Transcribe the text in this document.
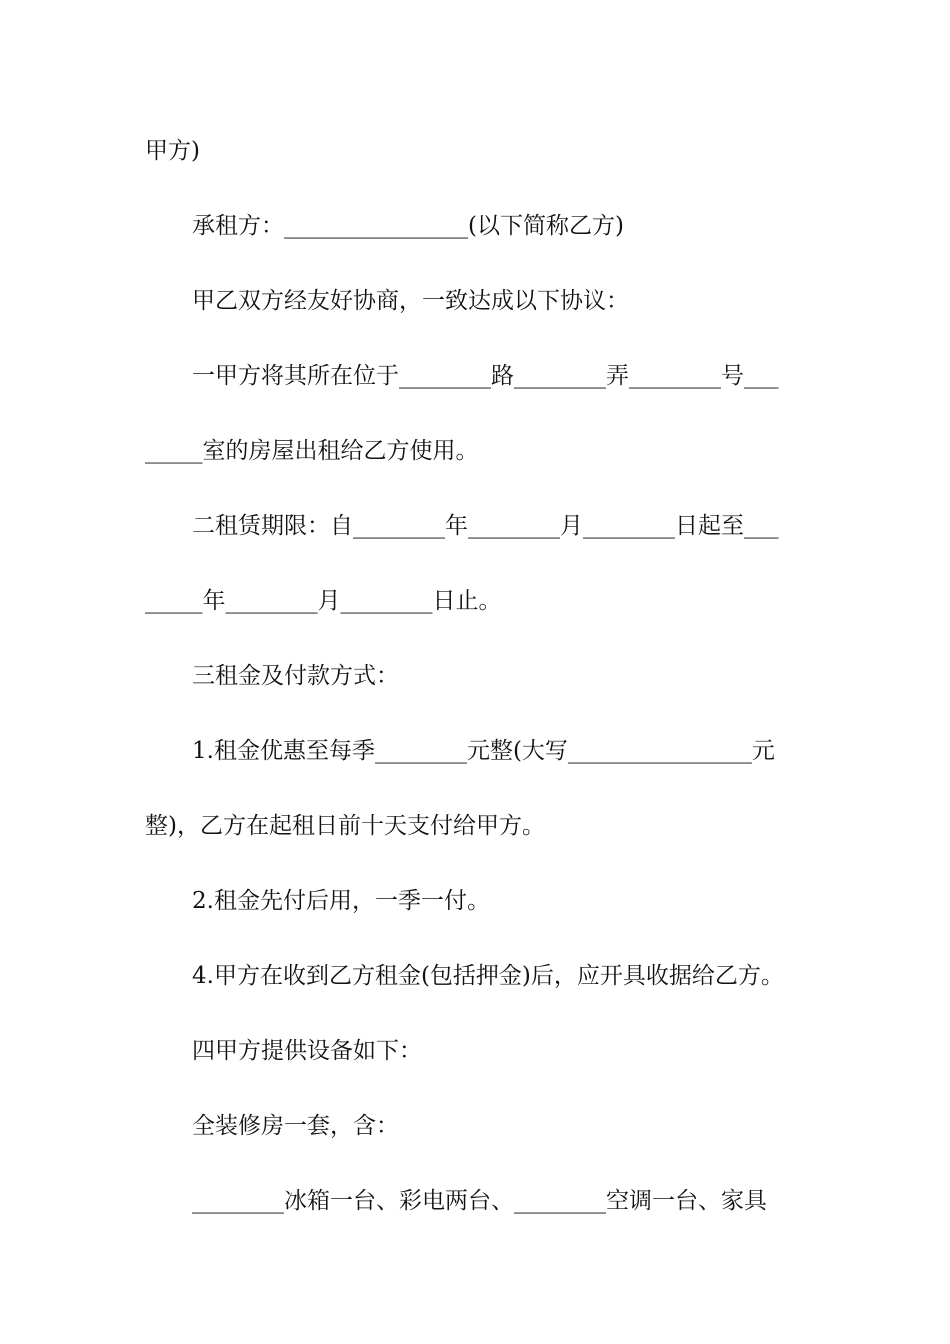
甲方)
承租方：________________(以下简称乙方)
甲乙双方经友好协商，一致达成以下协议：
一甲方将其所在位于________路________弄________号___
_____室的房屋出租给乙方使用。
二租赁期限：自________年________月________日起至___
_____年________月________日止。
三租金及付款方式：
1.租金优惠至每季________元整(大写________________元
整)，乙方在起租日前十天支付给甲方。
2.租金先付后用，一季一付。
4.甲方在收到乙方租金(包括押金)后，应开具收据给乙方。
四甲方提供设备如下：
全装修房一套，含：
________冰箱一台、彩电两台、________空调一台、家具
